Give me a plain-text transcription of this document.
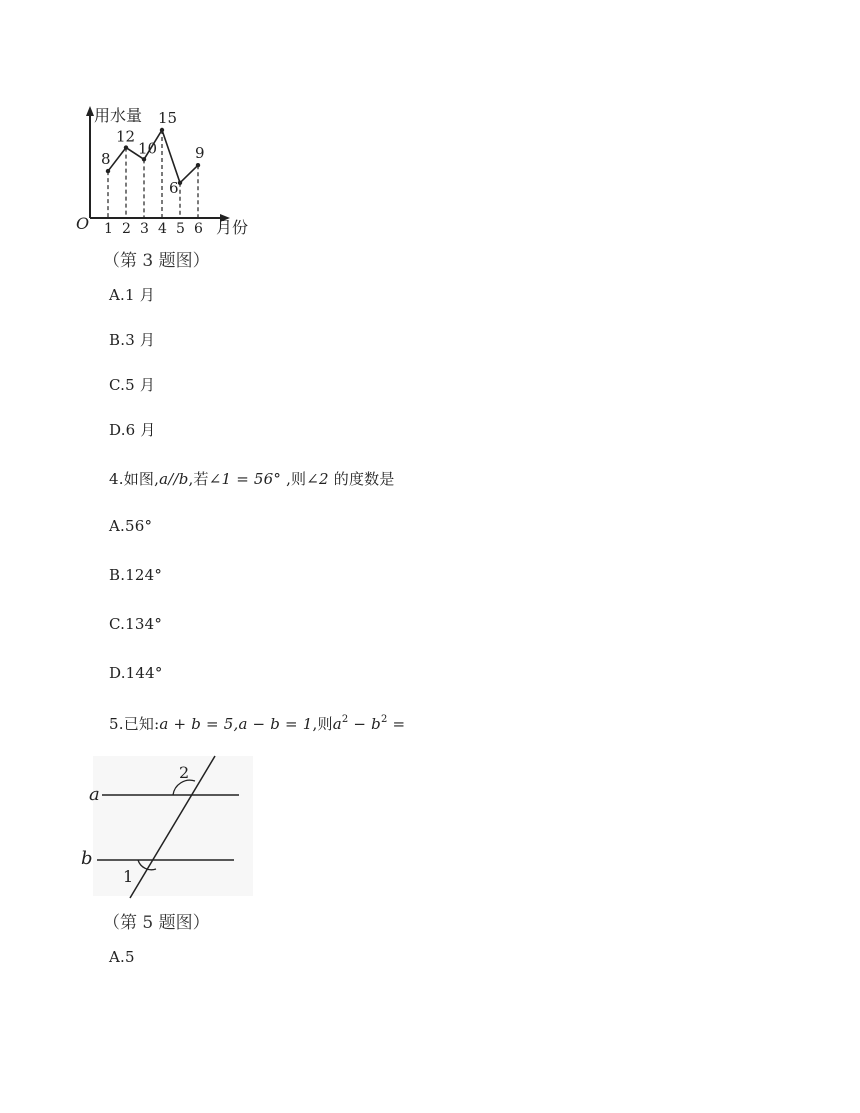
8
1
12
2
10
3
15
4
6
5
9
6
用水量
月份
O
（第 3 题图）
A.1 月
B.3 月
C.5 月
D.6 月
4.如图,a//b,若∠1 = 56° ,则∠2 的度数是
A.56°
B.124°
C.134°
D.144°
5.已知:a + b = 5,a − b = 1,则$a^2 - b^2$ =
a
b
2
1
（第 5 题图）
A.5
